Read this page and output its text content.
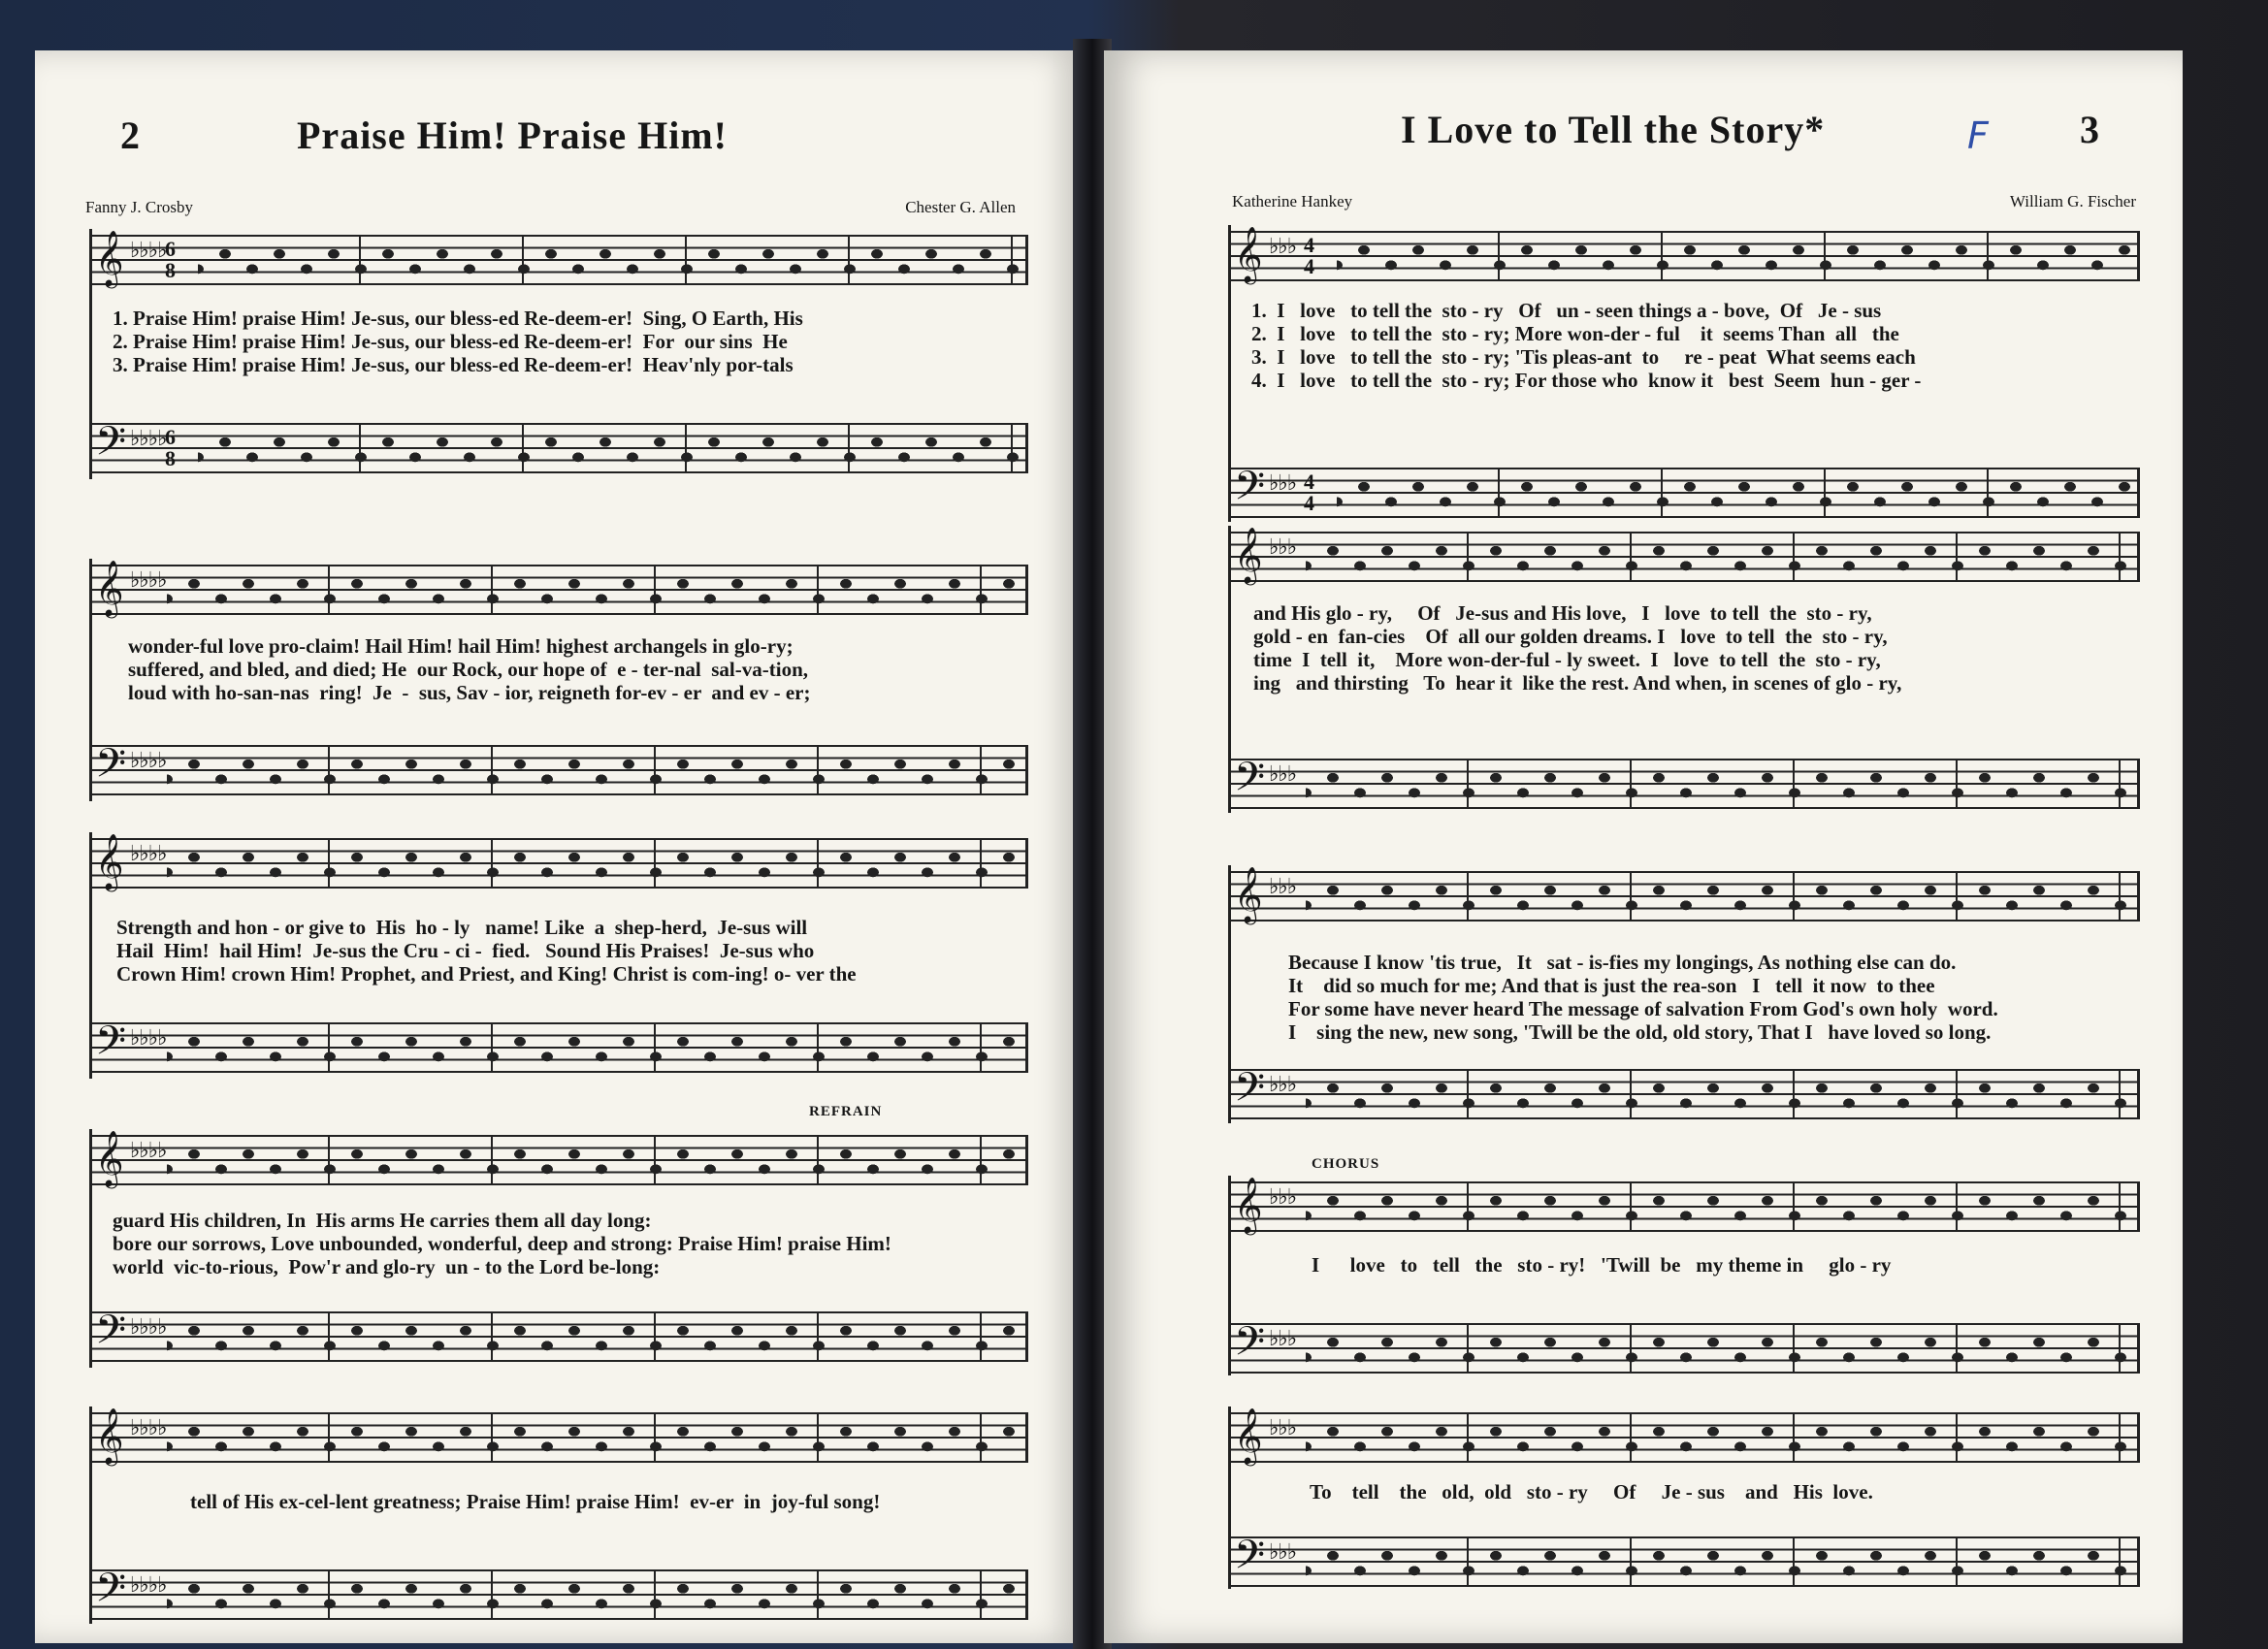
2	Praise Him! Praise Him!
Fanny J. Crosby	Chester G. Allen
𝄞 ♭♭♭♭
6
8
1. Praise Him! praise Him! Je-sus, our bless-ed Re-deem-er!  Sing, O Earth, His
2. Praise Him! praise Him! Je-sus, our bless-ed Re-deem-er!  For  our sins  He
3. Praise Him! praise Him! Je-sus, our bless-ed Re-deem-er!  Heav'nly por-tals
𝄢 ♭♭♭♭
6
8
𝄞 ♭♭♭♭
wonder-ful love pro-claim! Hail Him! hail Him! highest archangels in glo-ry;
suffered, and bled, and died; He  our Rock, our hope of  e - ter-nal  sal-va-tion,
loud with ho-san-nas  ring!  Je  -  sus, Sav - ior, reigneth for-ev - er  and ev - er;
𝄢 ♭♭♭♭
𝄞 ♭♭♭♭
Strength and hon - or give to  His  ho - ly   name! Like  a  shep-herd,  Je-sus will
Hail  Him!  hail Him!  Je-sus the Cru - ci -  fied.   Sound His Praises!  Je-sus who
Crown Him! crown Him! Prophet, and Priest, and King! Christ is com-ing! o- ver the
𝄢 ♭♭♭♭
REFRAIN
𝄞 ♭♭♭♭
guard His children, In  His arms He carries them all day long:
bore our sorrows, Love unbounded, wonderful, deep and strong: Praise Him! praise Him!
world  vic-to-rious,  Pow'r and glo-ry  un - to the Lord be-long:
𝄢 ♭♭♭♭
𝄞 ♭♭♭♭
tell of His ex-cel-lent greatness; Praise Him! praise Him!  ev-er  in  joy-ful song!
𝄢 ♭♭♭♭
I Love to Tell the Story*	F 3
Katherine Hankey	William G. Fischer
𝄞 ♭♭♭ 4
4
1.  I   love   to tell the  sto - ry   Of   un - seen things a - bove,  Of   Je - sus
2.  I   love   to tell the  sto - ry; More won-der - ful    it  seems Than  all   the
3.  I   love   to tell the  sto - ry; 'Tis pleas-ant  to     re - peat  What seems each
4.  I   love   to tell the  sto - ry; For those who  know it   best  Seem  hun - ger -
𝄢 ♭♭♭ 4
4
𝄞 ♭♭♭
and His glo - ry,     Of   Je-sus and His love,   I   love  to tell  the  sto - ry,
gold - en  fan-cies    Of  all our golden dreams. I   love  to tell  the  sto - ry,
time  I  tell  it,    More won-der-ful - ly sweet.  I   love  to tell  the  sto - ry,
ing   and thirsting   To  hear it  like the rest. And when, in scenes of glo - ry,
𝄢 ♭♭♭
𝄞 ♭♭♭
Because I know 'tis true,   It   sat - is-fies my longings, As nothing else can do.
It    did so much for me; And that is just the rea-son   I   tell  it now  to thee
For some have never heard The message of salvation From God's own holy  word.
I    sing the new, new song, 'Twill be the old, old story, That I   have loved so long.
𝄢 ♭♭♭
CHORUS
𝄞 ♭♭♭
I      love   to   tell   the   sto - ry!   'Twill  be   my theme in     glo - ry
𝄢 ♭♭♭
𝄞 ♭♭♭
To    tell    the   old,  old   sto - ry     Of     Je - sus    and   His  love.
𝄢 ♭♭♭
